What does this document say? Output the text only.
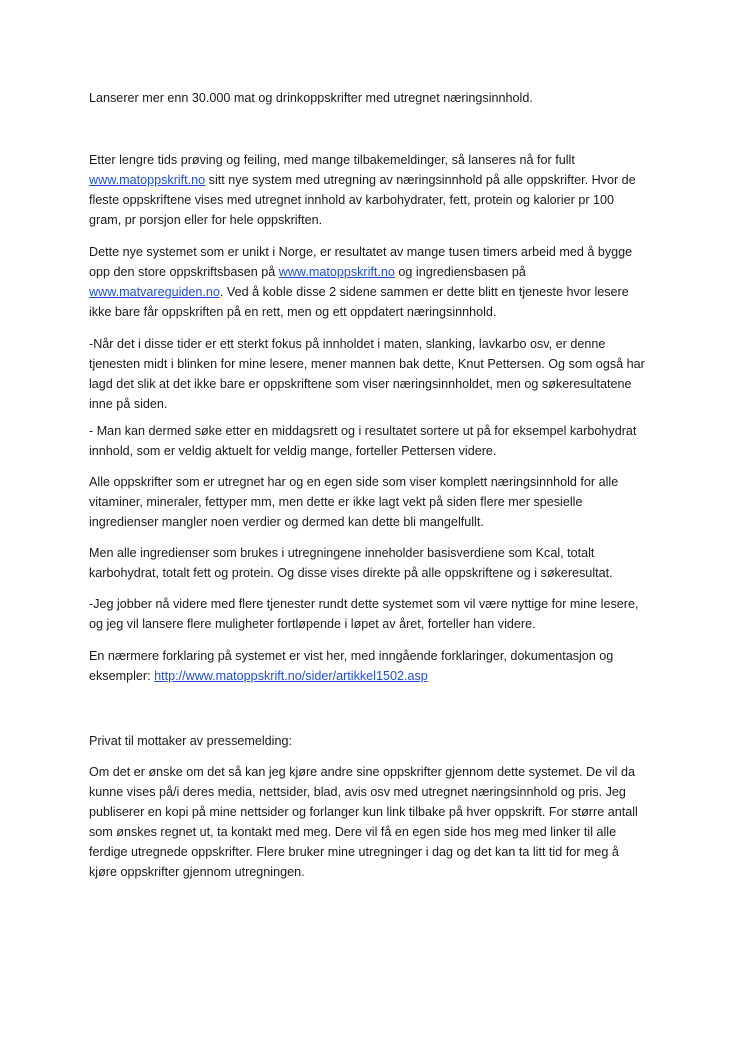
Lanserer mer enn 30.000 mat og drinkoppskrifter med utregnet næringsinnhold.

Etter lengre tids prøving og feiling, med mange tilbakemeldinger, så lanseres nå for fullt
www.matoppskrift.no sitt nye system med utregning av næringsinnhold på alle oppskrifter. Hvor de
fleste oppskriftene vises med utregnet innhold av karbohydrater, fett, protein og kalorier pr 100
gram, pr porsjon eller for hele oppskriften.

Dette nye systemet som er unikt i Norge, er resultatet av mange tusen timers arbeid med å bygge
opp den store oppskriftsbasen på www.matoppskrift.no og ingrediensbasen på
www.matvareguiden.no. Ved å koble disse 2 sidene sammen er dette blitt en tjeneste hvor lesere
ikke bare får oppskriften på en rett, men og ett oppdatert næringsinnhold.

-Når det i disse tider er ett sterkt fokus på innholdet i maten, slanking, lavkarbo osv, er denne
tjenesten midt i blinken for mine lesere, mener mannen bak dette, Knut Pettersen. Og som også har
lagd det slik at det ikke bare er oppskriftene som viser næringsinnholdet, men og søkeresultatene
inne på siden.

- Man kan dermed søke etter en middagsrett og i resultatet sortere ut på for eksempel karbohydrat
innhold, som er veldig aktuelt for veldig mange, forteller Pettersen videre.

Alle oppskrifter som er utregnet har og en egen side som viser komplett næringsinnhold for alle
vitaminer, mineraler, fettyper mm, men dette er ikke lagt vekt på siden flere mer spesielle
ingredienser mangler noen verdier og dermed kan dette bli mangelfullt.

Men alle ingredienser som brukes i utregningene inneholder basisverdiene som Kcal, totalt
karbohydrat, totalt fett og protein. Og disse vises direkte på alle oppskriftene og i søkeresultat.

-Jeg jobber nå videre med flere tjenester rundt dette systemet som vil være nyttige for mine lesere,
og jeg vil lansere flere muligheter fortløpende i løpet av året, forteller han videre.

En nærmere forklaring på systemet er vist her, med inngående forklaringer, dokumentasjon og
eksempler: http://www.matoppskrift.no/sider/artikkel1502.asp

Privat til mottaker av pressemelding:

Om det er ønske om det så kan jeg kjøre andre sine oppskrifter gjennom dette systemet. De vil da
kunne vises på/i deres media, nettsider, blad, avis osv med utregnet næringsinnhold og pris. Jeg
publiserer en kopi på mine nettsider og forlanger kun link tilbake på hver oppskrift. For større antall
som ønskes regnet ut, ta kontakt med meg. Dere vil få en egen side hos meg med linker til alle
ferdige utregnede oppskrifter. Flere bruker mine utregninger i dag og det kan ta litt tid for meg å
kjøre oppskrifter gjennom utregningen.
